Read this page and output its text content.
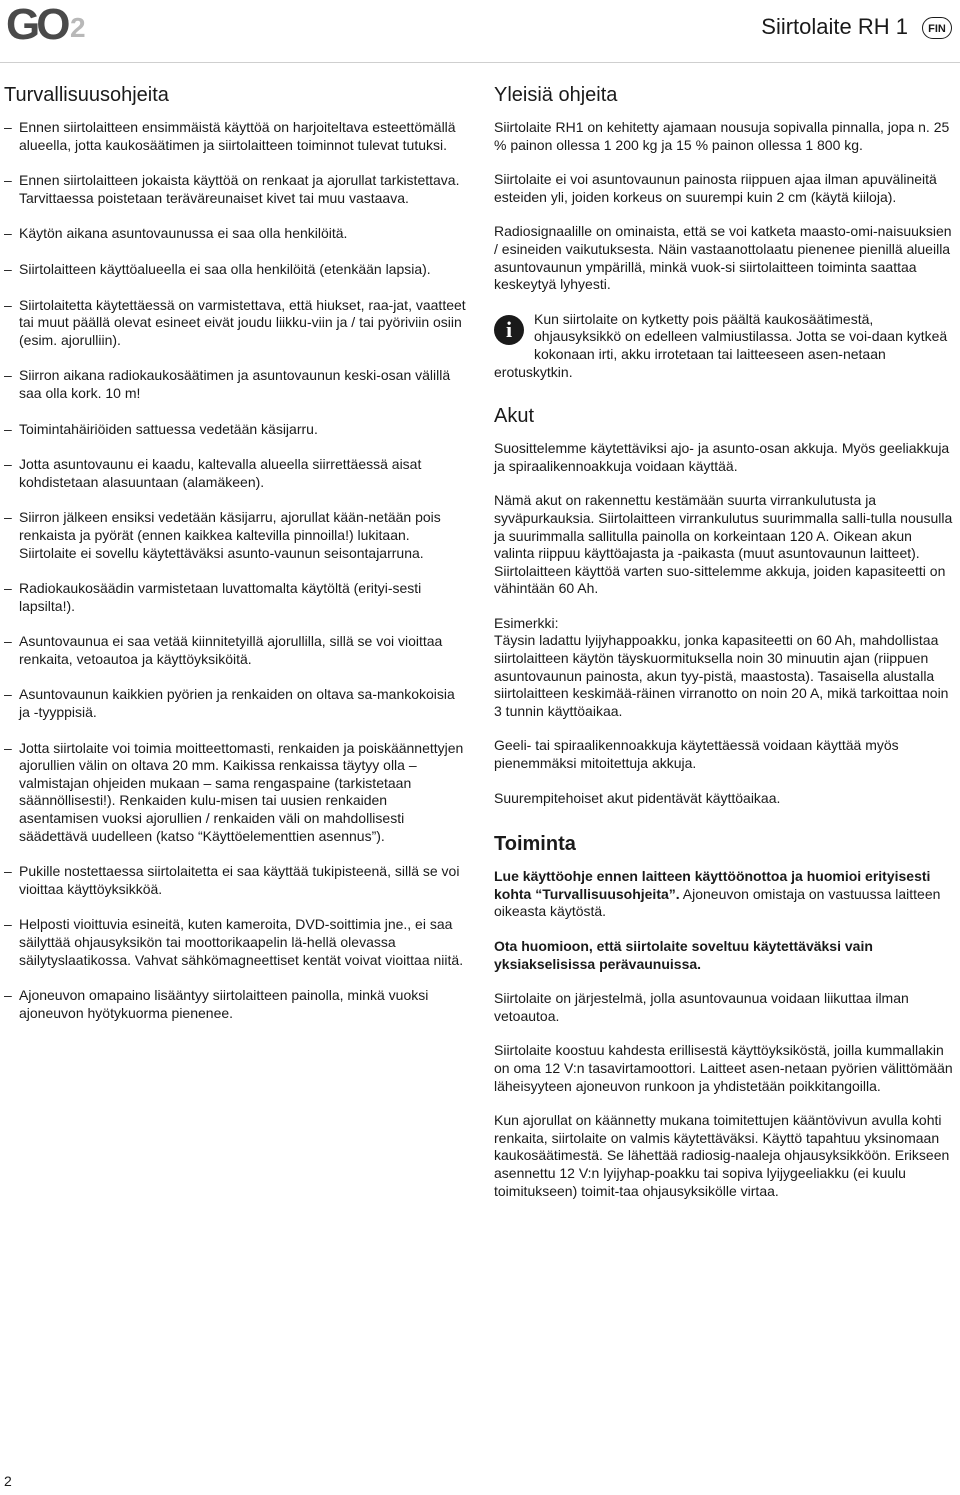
GO 2	Siirtolaite RH 1	FIN
Turvallisuusohjeita
– Ennen siirtolaitteen ensimmäistä käyttöä on harjoiteltava esteettömällä alueella, jotta kaukosäätimen ja siirtolaitteen toiminnot tulevat tutuksi.
– Ennen siirtolaitteen jokaista käyttöä on renkaat ja ajorullat tarkistettava. Tarvittaessa poistetaan teräväreunaiset kivet tai muu vastaava.
– Käytön aikana asuntovaunussa ei saa olla henkilöitä.
– Siirtolaitteen käyttöalueella ei saa olla henkilöitä (etenkään lapsia).
– Siirtolaitetta käytettäessä on varmistettava, että hiukset, raa-jat, vaatteet tai muut päällä olevat esineet eivät joudu liikku-viin ja / tai pyöriviin osiin (esim. ajorulliin).
– Siirron aikana radiokaukosäätimen ja asuntovaunun keski-osan välillä saa olla kork. 10 m!
– Toimintahäiriöiden sattuessa vedetään käsijarru.
– Jotta asuntovaunu ei kaadu, kaltevalla alueella siirrettäessä aisat kohdistetaan alasuuntaan (alamäkeen).
– Siirron jälkeen ensiksi vedetään käsijarru, ajorullat kään-netään pois renkaista ja pyörät (ennen kaikkea kaltevilla pinnoilla!) lukitaan. Siirtolaite ei sovellu käytettäväksi asunto-vaunun seisontajarruna.
– Radiokaukosäädin varmistetaan luvattomalta käytöltä (erityi-sesti lapsilta!).
– Asuntovaunua ei saa vetää kiinnitetyillä ajorullilla, sillä se voi vioittaa renkaita, vetoautoa ja käyttöyksiköitä.
– Asuntovaunun kaikkien pyörien ja renkaiden on oltava sa-mankokoisia ja -tyyppisiä.
– Jotta siirtolaite voi toimia moitteettomasti, renkaiden ja poiskäännettyjen ajorullien välin on oltava 20 mm. Kaikissa renkaissa täytyy olla – valmistajan ohjeiden mukaan – sama rengaspaine (tarkistetaan säännöllisesti!). Renkaiden kulu-misen tai uusien renkaiden asentamisen vuoksi ajorullien / renkaiden väli on mahdollisesti säädettävä uudelleen (katso “Käyttöelementtien asennus”).
– Pukille nostettaessa siirtolaitetta ei saa käyttää tukipisteenä, sillä se voi vioittaa käyttöyksikköä.
– Helposti vioittuvia esineitä, kuten kameroita, DVD-soittimia jne., ei saa säilyttää ohjausyksikön tai moottorikaapelin lä-hellä olevassa säilytyslaatikossa. Vahvat sähkömagneettiset kentät voivat vioittaa niitä.
– Ajoneuvon omapaino lisääntyy siirtolaitteen painolla, minkä vuoksi ajoneuvon hyötykuorma pienenee.
Yleisiä ohjeita

Siirtolaite RH1 on kehitetty ajamaan nousuja sopivalla pinnalla, jopa n. 25 % painon ollessa 1 200 kg ja 15 % painon ollessa 1 800 kg.

Siirtolaite ei voi asuntovaunun painosta riippuen ajaa ilman apuvälineitä esteiden yli, joiden korkeus on suurempi kuin 2 cm (käytä kiiloja).

Radiosignaalille on ominaista, että se voi katketa maasto-omi-naisuuksien / esineiden vaikutuksesta. Näin vastaanottolaatu pienenee pienillä alueilla asuntovaunun ympärillä, minkä vuok-si siirtolaitteen toiminta saattaa keskeytyä lyhyesti.

i	Kun siirtolaite on kytketty pois päältä kaukosäätimestä, ohjausyksikkö on edelleen valmiustilassa. Jotta se voi-daan kytkeä kokonaan irti, akku irrotetaan tai laitteeseen asen-netaan erotuskytkin.
Akut

Suosittelemme käytettäviksi ajo- ja asunto-osan akkuja. Myös geeliakkuja ja spiraalikennoakkuja voidaan käyttää.

Nämä akut on rakennettu kestämään suurta virrankulutusta ja syväpurkauksia. Siirtolaitteen virrankulutus suurimmalla salli-tulla nousulla ja suurimmalla sallitulla painolla on korkeintaan 120 A. Oikean akun valinta riippuu käyttöajasta ja -paikasta (muut asuntovaunun laitteet). Siirtolaitteen käyttöä varten suo-sittelemme akkuja, joiden kapasiteetti on vähintään 60 Ah.

Esimerkki:

Täysin ladattu lyijyhappoakku, jonka kapasiteetti on 60 Ah, mahdollistaa siirtolaitteen käytön täyskuormituksella noin 30 minuutin ajan (riippuen asuntovaunun painosta, akun tyy-pistä, maastosta). Tasaisella alustalla siirtolaitteen keskimää-räinen virranotto on noin 20 A, mikä tarkoittaa noin 3 tunnin käyttöaikaa.

Geeli- tai spiraalikennoakkuja käytettäessä voidaan käyttää myös pienemmäksi mitoitettuja akkuja.

Suurempitehoiset akut pidentävät käyttöaikaa.

Toiminta

Lue käyttöohje ennen laitteen käyttöönottoa ja huomioi erityisesti kohta “Turvallisuusohjeita”. Ajoneuvon omistaja on vastuussa laitteen oikeasta käytöstä.

Ota huomioon, että siirtolaite soveltuu käytettäväksi vain yksiakselisissa perävaunuissa.

Siirtolaite on järjestelmä, jolla asuntovaunua voidaan liikuttaa ilman vetoautoa.

Siirtolaite koostuu kahdesta erillisestä käyttöyksiköstä, joilla kummallakin on oma 12 V:n tasavirtamoottori. Laitteet asen-netaan pyörien välittömään läheisyyteen ajoneuvon runkoon ja yhdistetään poikkitangoilla.

Kun ajorullat on käännetty mukana toimitettujen kääntövivun avulla kohti renkaita, siirtolaite on valmis käytettäväksi. Käyttö tapahtuu yksinomaan kaukosäätimestä. Se lähettää radiosig-naaleja ohjausyksikköön. Erikseen asennettu 12 V:n lyijyhap-poakku tai sopiva lyijygeeliakku (ei kuulu toimitukseen) toimit-taa ohjausyksikölle virtaa.

2
